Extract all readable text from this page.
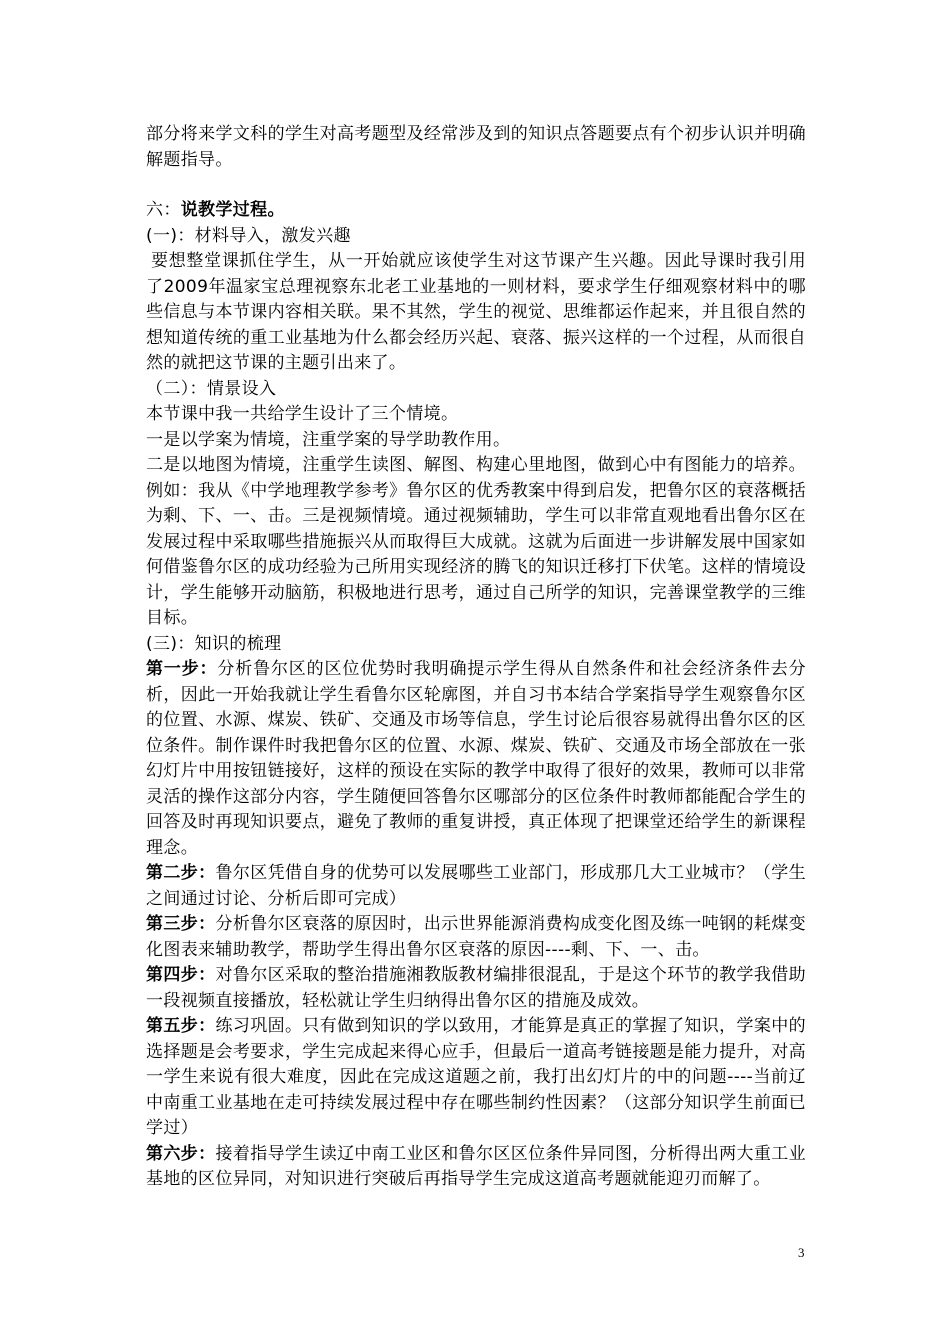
部分将来学文科的学生对高考题型及经常涉及到的知识点答题要点有个初步认识并明确解题指导。

六：说教学过程。

(一)：材料导入，激发兴趣

要想整堂课抓住学生，从一开始就应该使学生对这节课产生兴趣。因此导课时我引用了2009年温家宝总理视察东北老工业基地的一则材料，要求学生仔细观察材料中的哪些信息与本节课内容相关联。果不其然，学生的视觉、思维都运作起来，并且很自然的想知道传统的重工业基地为什么都会经历兴起、衰落、振兴这样的一个过程，从而很自然的就把这节课的主题引出来了。

（二）：情景设入

本节课中我一共给学生设计了三个情境。

一是以学案为情境，注重学案的导学助教作用。

二是以地图为情境，注重学生读图、解图、构建心里地图，做到心中有图能力的培养。例如：我从《中学地理教学参考》鲁尔区的优秀教案中得到启发，把鲁尔区的衰落概括为剩、下、一、击。三是视频情境。通过视频辅助，学生可以非常直观地看出鲁尔区在发展过程中采取哪些措施振兴从而取得巨大成就。这就为后面进一步讲解发展中国家如何借鉴鲁尔区的成功经验为己所用实现经济的腾飞的知识迁移打下伏笔。这样的情境设计，学生能够开动脑筋，积极地进行思考，通过自己所学的知识，完善课堂教学的三维目标。

(三)：知识的梳理

第一步：分析鲁尔区的区位优势时我明确提示学生得从自然条件和社会经济条件去分析，因此一开始我就让学生看鲁尔区轮廓图，并自习书本结合学案指导学生观察鲁尔区的位置、水源、煤炭、铁矿、交通及市场等信息，学生讨论后很容易就得出鲁尔区的区位条件。制作课件时我把鲁尔区的位置、水源、煤炭、铁矿、交通及市场全部放在一张幻灯片中用按钮链接好，这样的预设在实际的教学中取得了很好的效果，教师可以非常灵活的操作这部分内容，学生随便回答鲁尔区哪部分的区位条件时教师都能配合学生的回答及时再现知识要点，避免了教师的重复讲授，真正体现了把课堂还给学生的新课程理念。

第二步：鲁尔区凭借自身的优势可以发展哪些工业部门，形成那几大工业城市？（学生之间通过讨论、分析后即可完成）

第三步：分析鲁尔区衰落的原因时，出示世界能源消费构成变化图及练一吨钢的耗煤变化图表来辅助教学，帮助学生得出鲁尔区衰落的原因----剩、下、一、击。

第四步：对鲁尔区采取的整治措施湘教版教材编排很混乱，于是这个环节的教学我借助一段视频直接播放，轻松就让学生归纳得出鲁尔区的措施及成效。

第五步：练习巩固。只有做到知识的学以致用，才能算是真正的掌握了知识，学案中的选择题是会考要求，学生完成起来得心应手，但最后一道高考链接题是能力提升，对高一学生来说有很大难度，因此在完成这道题之前，我打出幻灯片的中的问题----当前辽中南重工业基地在走可持续发展过程中存在哪些制约性因素？（这部分知识学生前面已学过）

第六步：接着指导学生读辽中南工业区和鲁尔区区位条件异同图，分析得出两大重工业基地的区位异同，对知识进行突破后再指导学生完成这道高考题就能迎刃而解了。

3
